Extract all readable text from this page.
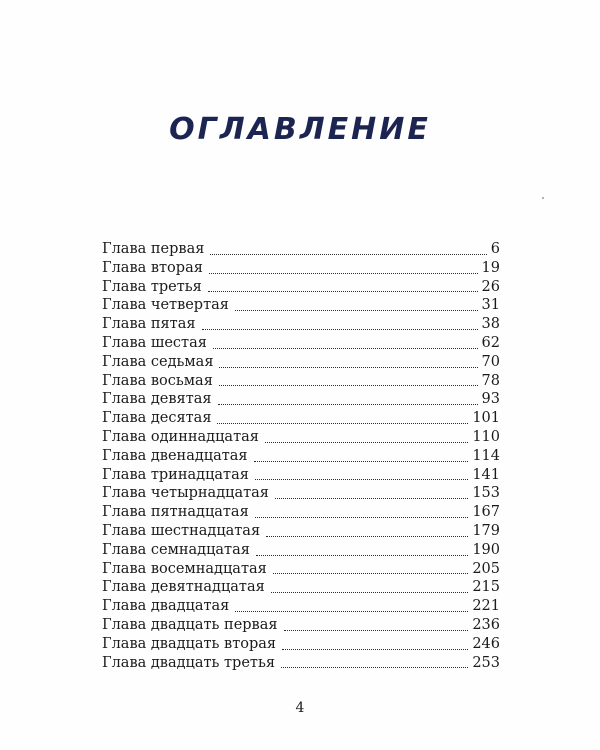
ОГЛАВЛЕНИЕ
Глава первая	6
Глава вторая	19
Глава третья	26
Глава четвертая	31
Глава пятая	38
Глава шестая	62
Глава седьмая	70
Глава восьмая	78
Глава девятая	93
Глава десятая	101
Глава одиннадцатая	110
Глава двенадцатая	114
Глава тринадцатая	141
Глава четырнадцатая	153
Глава пятнадцатая	167
Глава шестнадцатая	179
Глава семнадцатая	190
Глава восемнадцатая	205
Глава девятнадцатая	215
Глава двадцатая	221
Глава двадцать первая	236
Глава двадцать вторая	246
Глава двадцать третья	253
4
